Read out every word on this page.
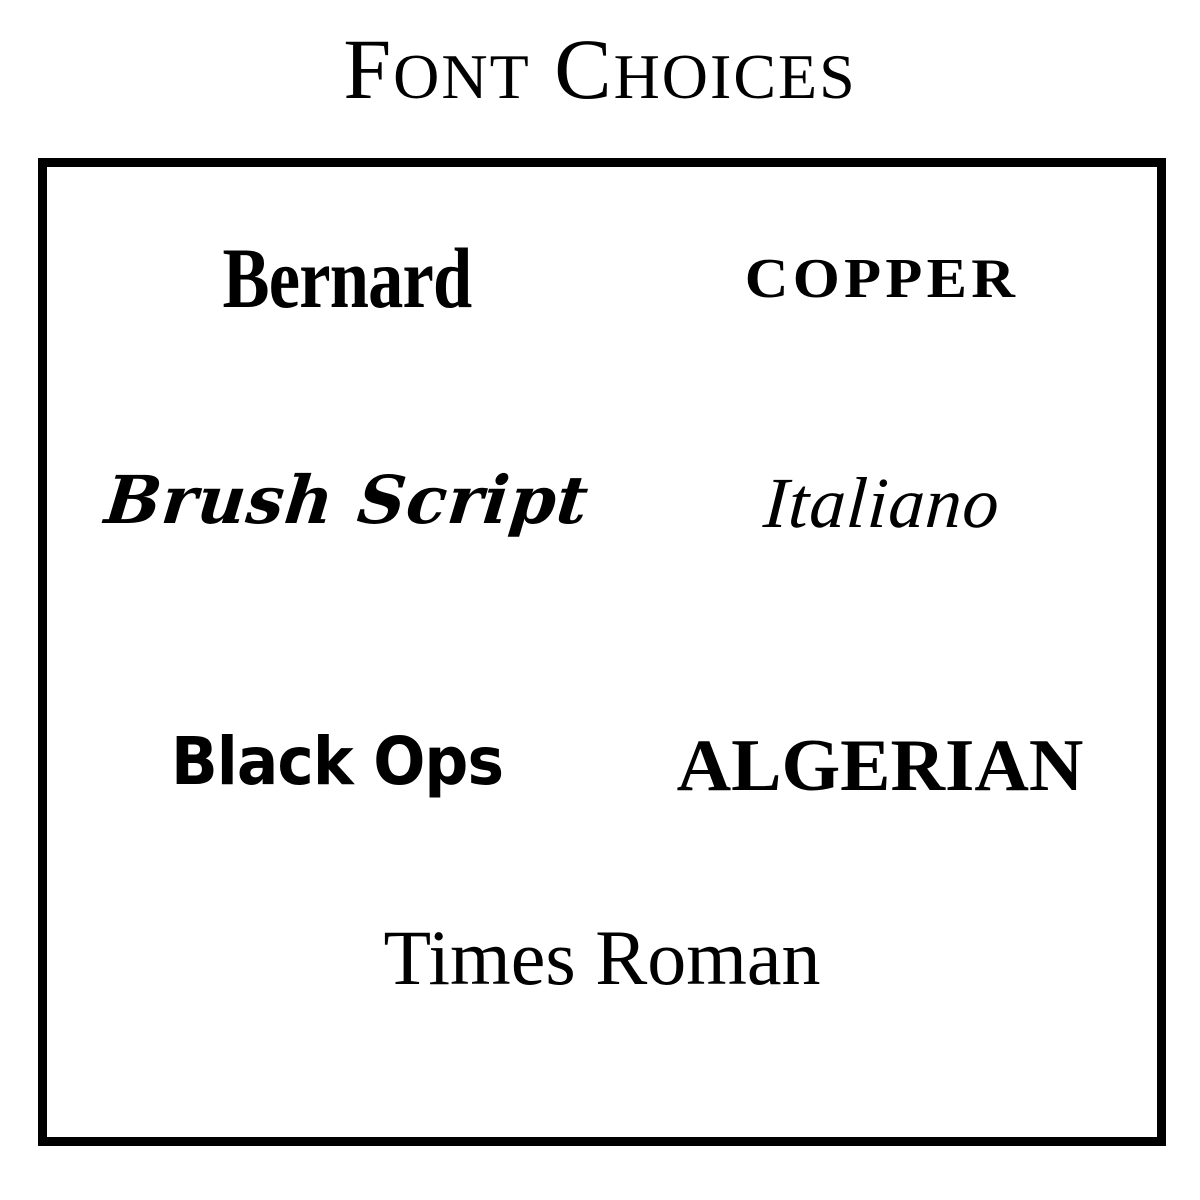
FONT CHOICES
Bernard	COPPER
Brush Script	Italiano
Black Ops	ALGERIAN
Times Roman
